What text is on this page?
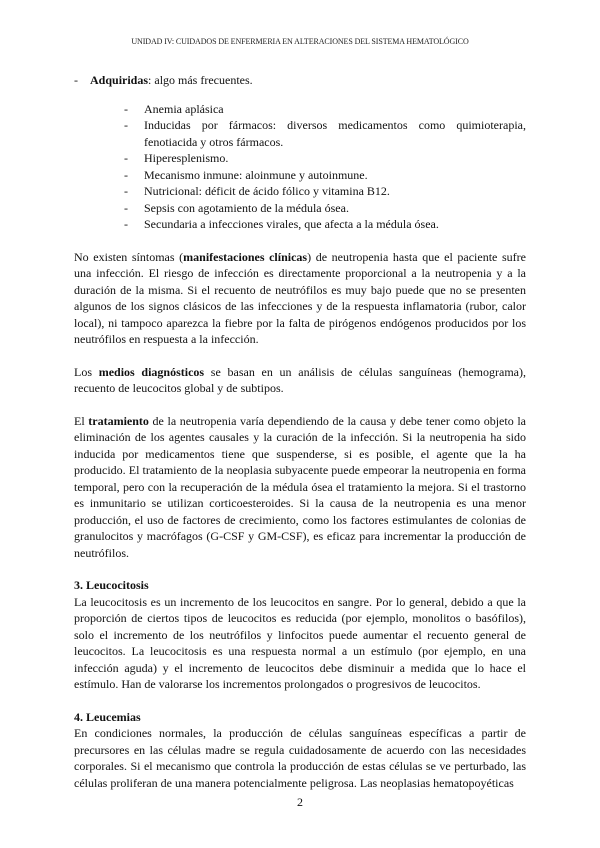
UNIDAD IV: CUIDADOS DE ENFERMERIA EN ALTERACIONES DEL SISTEMA HEMATOLÓGICO
- Adquiridas: algo más frecuentes.
- Anemia aplásica
- Inducidas por fármacos: diversos medicamentos como quimioterapia, fenotiacida y otros fármacos.
- Hiperesplenismo.
- Mecanismo inmune: aloinmune y autoinmune.
- Nutricional: déficit de ácido fólico y vitamina B12.
- Sepsis con agotamiento de la médula ósea.
- Secundaria a infecciones virales, que afecta a la médula ósea.

No existen síntomas (manifestaciones clínicas) de neutropenia hasta que el paciente sufre una infección. El riesgo de infección es directamente proporcional a la neutropenia y a la duración de la misma. Si el recuento de neutrófilos es muy bajo puede que no se presenten algunos de los signos clásicos de las infecciones y de la respuesta inflamatoria (rubor, calor local), ni tampoco aparezca la fiebre por la falta de pirógenos endógenos producidos por los neutrófilos en respuesta a la infección.

Los medios diagnósticos se basan en un análisis de células sanguíneas (hemograma), recuento de leucocitos global y de subtipos.

El tratamiento de la neutropenia varía dependiendo de la causa y debe tener como objeto la eliminación de los agentes causales y la curación de la infección. Si la neutropenia ha sido inducida por medicamentos tiene que suspenderse, si es posible, el agente que la ha producido. El tratamiento de la neoplasia subyacente puede empeorar la neutropenia en forma temporal, pero con la recuperación de la médula ósea el tratamiento la mejora. Si el trastorno es inmunitario se utilizan corticoesteroides. Si la causa de la neutropenia es una menor producción, el uso de factores de crecimiento, como los factores estimulantes de colonias de granulocitos y macrófagos (G-CSF y GM-CSF), es eficaz para incrementar la producción de neutrófilos.

3. Leucocitosis

La leucocitosis es un incremento de los leucocitos en sangre. Por lo general, debido a que la proporción de ciertos tipos de leucocitos es reducida (por ejemplo, monolitos o basófilos), solo el incremento de los neutrófilos y linfocitos puede aumentar el recuento general de leucocitos. La leucocitosis es una respuesta normal a un estímulo (por ejemplo, en una infección aguda) y el incremento de leucocitos debe disminuir a medida que lo hace el estímulo. Han de valorarse los incrementos prolongados o progresivos de leucocitos.

4. Leucemias

En condiciones normales, la producción de células sanguíneas específicas a partir de precursores en las células madre se regula cuidadosamente de acuerdo con las necesidades corporales. Si el mecanismo que controla la producción de estas células se ve perturbado, las células proliferan de una manera potencialmente peligrosa. Las neoplasias hematopoyéticas

2
